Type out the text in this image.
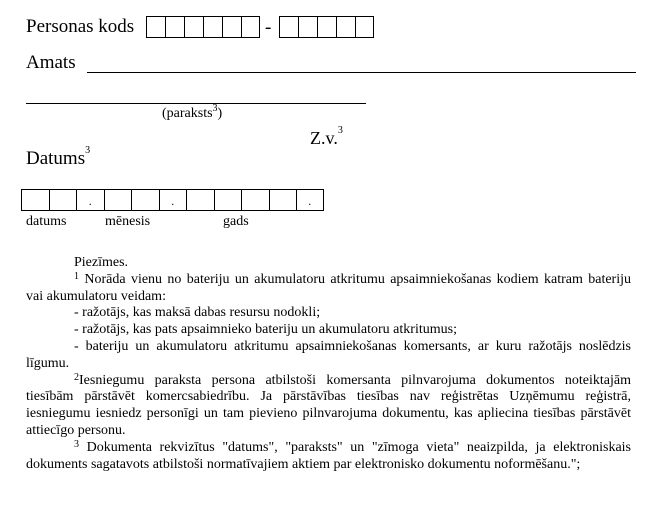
Personas kods	-
Amats
(paraksts$^3$)
Z.v.$^3$
Datums$^3$
.	.	.
datums	mēnesis	gads

Piezīmes.

$^1$ Norāda vienu no bateriju un akumulatoru atkritumu apsaimniekošanas kodiem katram bateriju vai akumulatoru veidam:

- ražotājs, kas maksā dabas resursu nodokli;

- ražotājs, kas pats apsaimnieko bateriju un akumulatoru atkritumus;

- bateriju un akumulatoru atkritumu apsaimniekošanas komersants, ar kuru ražotājs noslēdzis līgumu.

$^2$Iesniegumu paraksta persona atbilstoši komersanta pilnvarojuma dokumentos noteiktajām tiesībām pārstāvēt komercsabiedrību. Ja pārstāvības tiesības nav reģistrētas Uzņēmumu reģistrā, iesniegumu iesniedz personīgi un tam pievieno pilnvarojuma dokumentu, kas apliecina tiesības pārstāvēt attiecīgo personu.

$^3$ Dokumenta rekvizītus "datums", "paraksts" un "zīmoga vieta" neaizpilda, ja elektroniskais dokuments sagatavots atbilstoši normatīvajiem aktiem par elektronisko dokumentu noformēšanu.";
